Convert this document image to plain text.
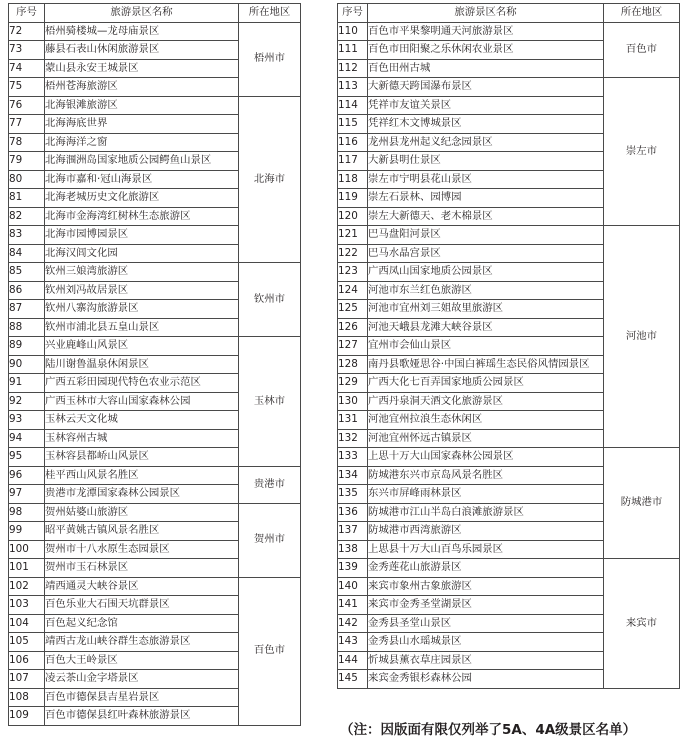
序号	旅游景区名称	所在地区
72	梧州骑楼城—龙母庙景区	梧州市
73	藤县石表山休闲旅游景区	
74	蒙山县永安王城景区	
75	梧州苍海旅游区	
76	北海银滩旅游区	北海市
77	北海海底世界	
78	北海海洋之窗	
79	北海涠洲岛国家地质公园鳄鱼山景区	
80	北海市嘉和·冠山海景区	
81	北海老城历史文化旅游区	
82	北海市金海湾红树林生态旅游区	
83	北海市园博园景区	
84	北海汉闾文化园	
85	钦州三娘湾旅游区	钦州市
86	钦州刘冯故居景区	
87	钦州八寨沟旅游景区	
88	钦州市浦北县五皇山景区	
89	兴业鹿峰山风景区	玉林市
90	陆川谢鲁温泉休闲景区	
91	广西五彩田园现代特色农业示范区	
92	广西玉林市大容山国家森林公园	
93	玉林云天文化城	
94	玉林容州古城	
95	玉林容县都峤山风景区	
96	桂平西山风景名胜区	贵港市
97	贵港市龙潭国家森林公园景区	
98	贺州姑婆山旅游区	贺州市
99	昭平黄姚古镇风景名胜区	
100	贺州市十八水原生态园景区	
101	贺州市玉石林景区	
102	靖西通灵大峡谷景区	百色市
103	百色乐业大石围天坑群景区	
104	百色起义纪念馆	
105	靖西古龙山峡谷群生态旅游景区	
106	百色大王岭景区	
107	凌云茶山金字塔景区	
108	百色市德保县吉星岩景区	
109	百色市德保县红叶森林旅游景区	
序号	旅游景区名称	所在地区
110	百色市平果黎明通天河旅游景区	百色市
111	百色市田阳聚之乐休闲农业景区	
112	百色田州古城	
113	大新德天跨国瀑布景区	崇左市
114	凭祥市友谊关景区	
115	凭祥红木文博城景区	
116	龙州县龙州起义纪念园景区	
117	大新县明仕景区	
118	崇左市宁明县花山景区	
119	崇左石景林、园博园	
120	崇左大新德天、老木棉景区	
121	巴马盘阳河景区	河池市
122	巴马水晶宫景区	
123	广西凤山国家地质公园景区	
124	河池市东兰红色旅游区	
125	河池市宜州刘三姐故里旅游区	
126	河池天峨县龙滩大峡谷景区	
127	宜州市会仙山景区	
128	南丹县歌娅思谷·中国白裤瑶生态民俗风情园景区	
129	广西大化七百弄国家地质公园景区	
130	广西丹泉洞天酒文化旅游景区	
131	河池宜州拉浪生态休闲区	
132	河池宜州怀远古镇景区	
133	上思十万大山国家森林公园景区	防城港市
134	防城港东兴市京岛风景名胜区	
135	东兴市屏峰雨林景区	
136	防城港市江山半岛白浪滩旅游景区	
137	防城港市西湾旅游区	
138	上思县十万大山百鸟乐园景区	
139	金秀莲花山旅游景区	来宾市
140	来宾市象州古象旅游区	
141	来宾市金秀圣堂湖景区	
142	金秀县圣堂山景区	
143	金秀县山水瑶城景区	
144	忻城县薰衣草庄园景区	
145	来宾金秀银杉森林公园	
（注：因版面有限仅列举了5A、4A级景区名单）
